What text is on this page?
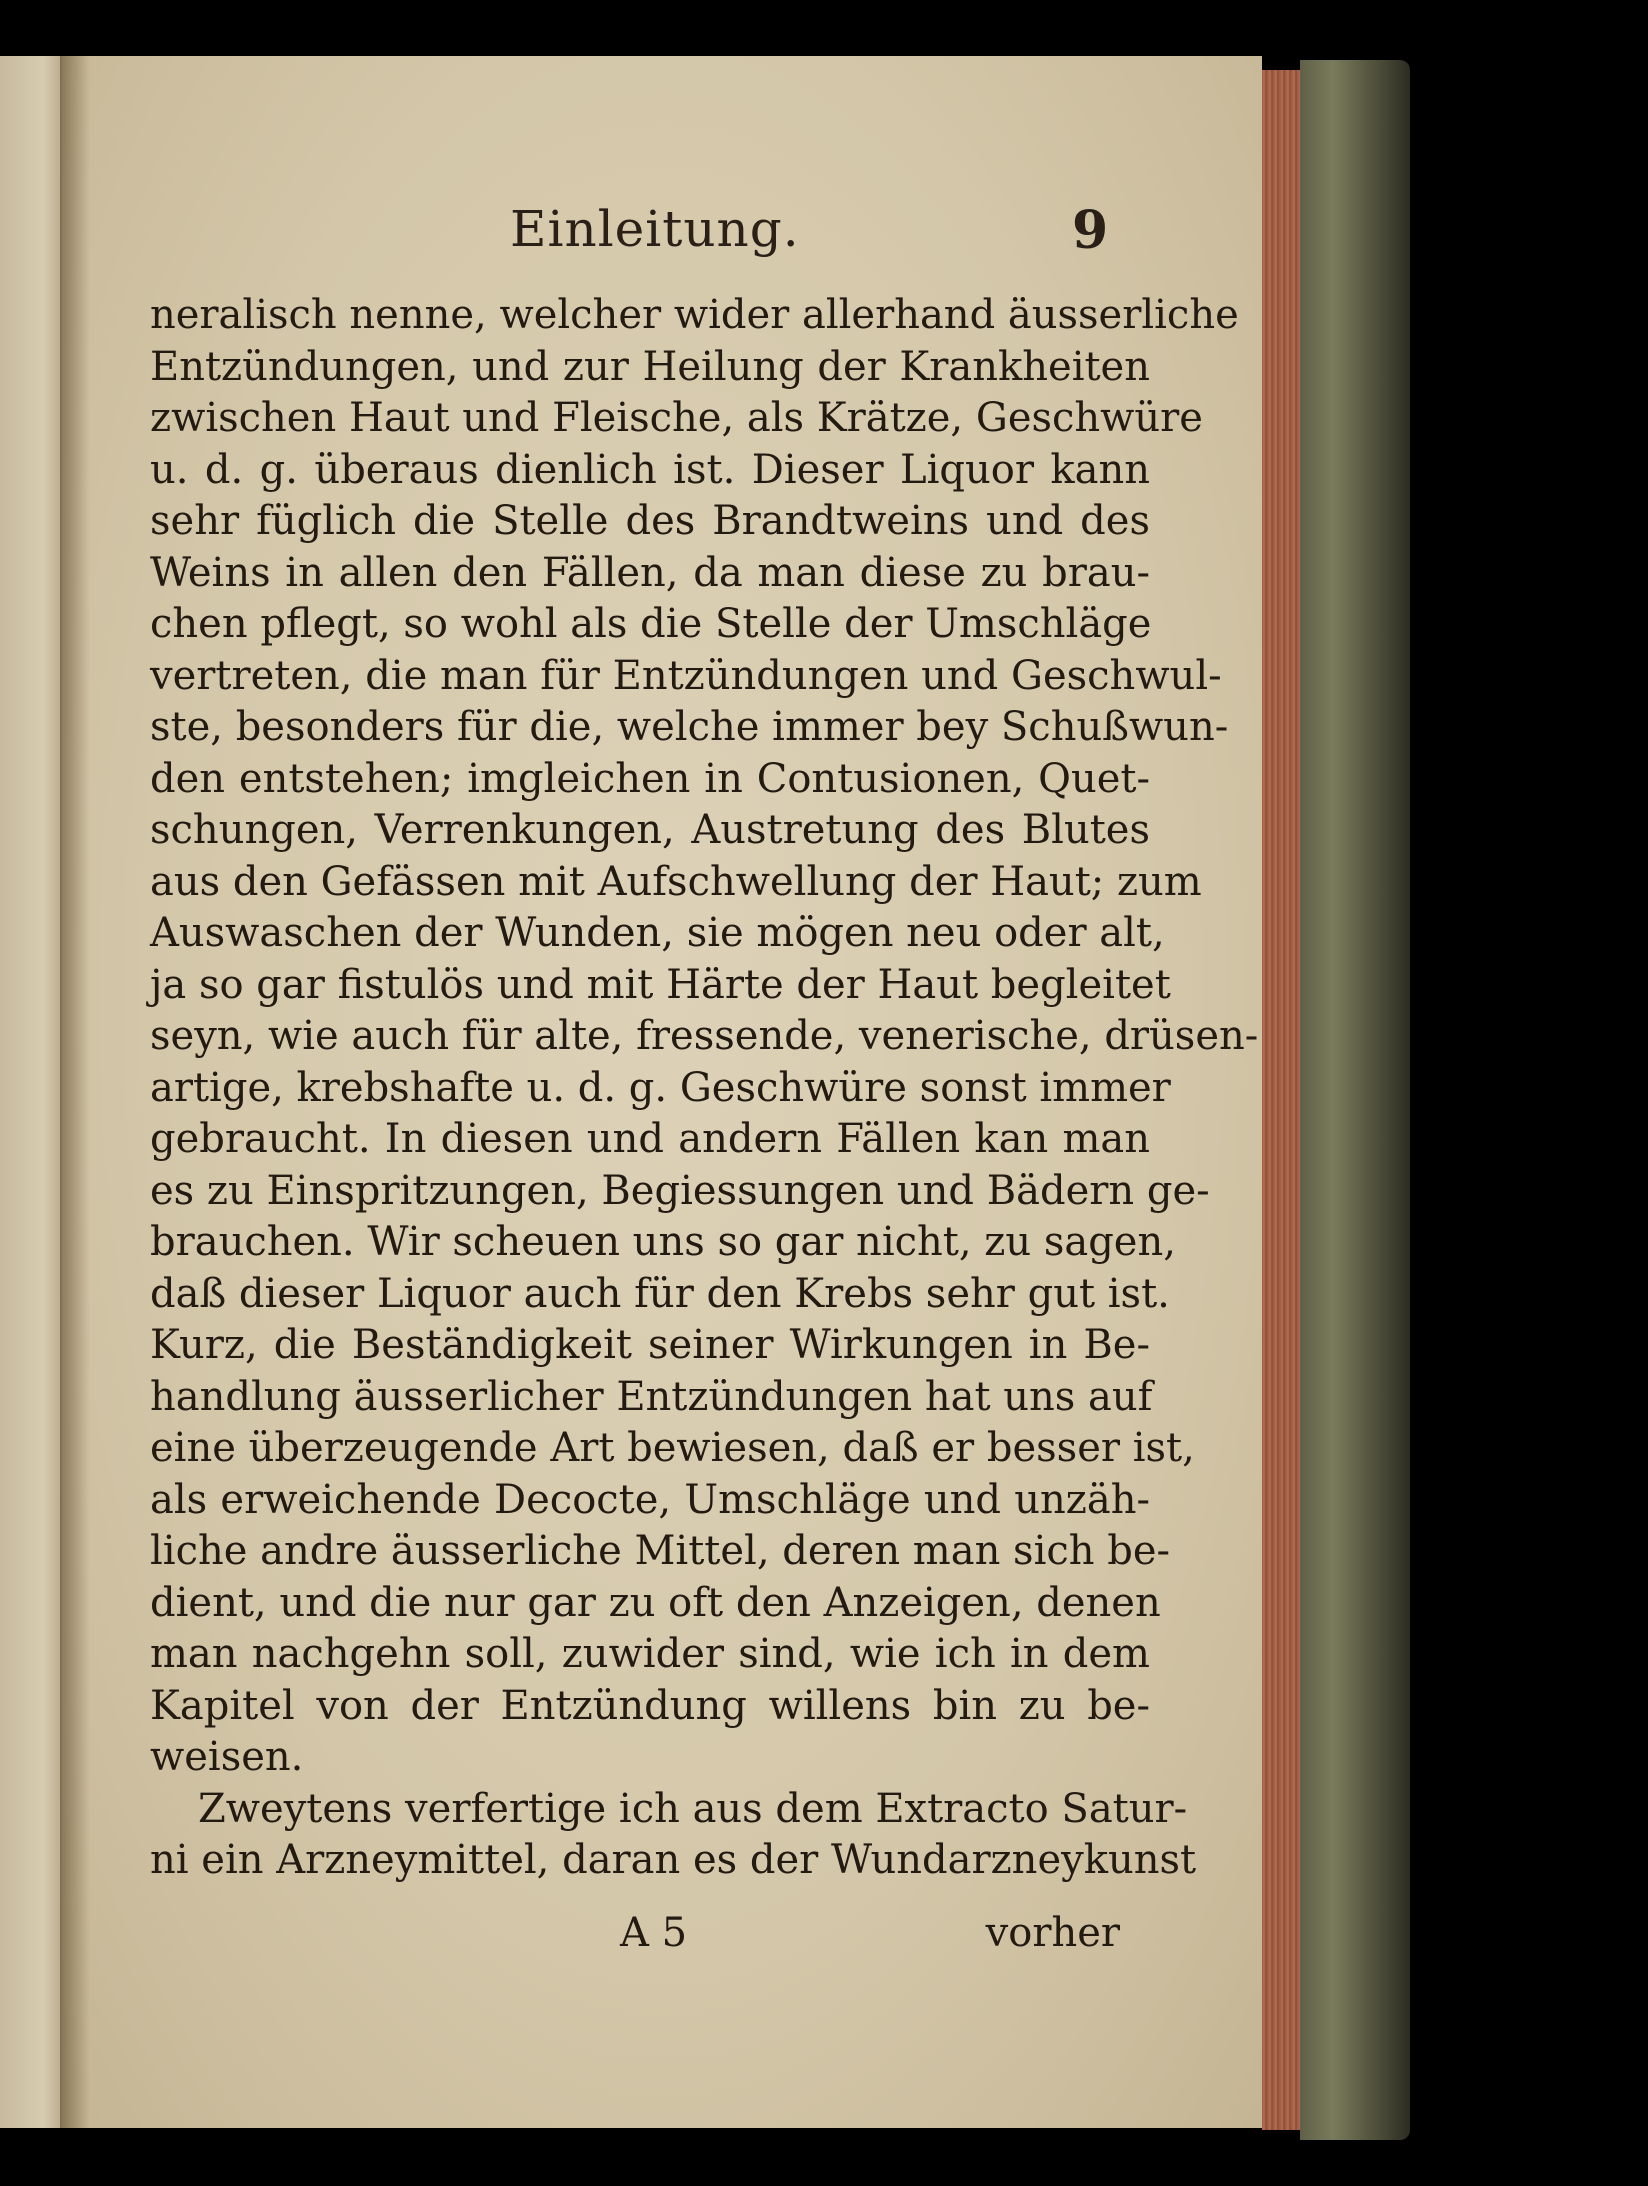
Einleitung.	9
neralisch nenne, welcher wider allerhand äusserliche
Entzündungen, und zur Heilung der Krankheiten
zwischen Haut und Fleische, als Krätze, Geschwüre
u. d. g. überaus dienlich ist. Dieser Liquor kann
sehr füglich die Stelle des Brandtweins und des
Weins in allen den Fällen, da man diese zu brau-
chen pflegt, so wohl als die Stelle der Umschläge
vertreten, die man für Entzündungen und Geschwul-
ste, besonders für die, welche immer bey Schußwun-
den entstehen; imgleichen in Contusionen, Quet-
schungen, Verrenkungen, Austretung des Blutes
aus den Gefässen mit Aufschwellung der Haut; zum
Auswaschen der Wunden, sie mögen neu oder alt,
ja so gar fistulös und mit Härte der Haut begleitet
seyn, wie auch für alte, fressende, venerische, drüsen-
artige, krebshafte u. d. g. Geschwüre sonst immer
gebraucht. In diesen und andern Fällen kan man
es zu Einspritzungen, Begiessungen und Bädern ge-
brauchen. Wir scheuen uns so gar nicht, zu sagen,
daß dieser Liquor auch für den Krebs sehr gut ist.
Kurz, die Beständigkeit seiner Wirkungen in Be-
handlung äusserlicher Entzündungen hat uns auf
eine überzeugende Art bewiesen, daß er besser ist,
als erweichende Decocte, Umschläge und unzäh-
liche andre äusserliche Mittel, deren man sich be-
dient, und die nur gar zu oft den Anzeigen, denen
man nachgehn soll, zuwider sind, wie ich in dem
Kapitel von der Entzündung willens bin zu be-
weisen.
Zweytens verfertige ich aus dem Extracto Satur-
ni ein Arzneymittel, daran es der Wundarzneykunst
A 5	vorher
